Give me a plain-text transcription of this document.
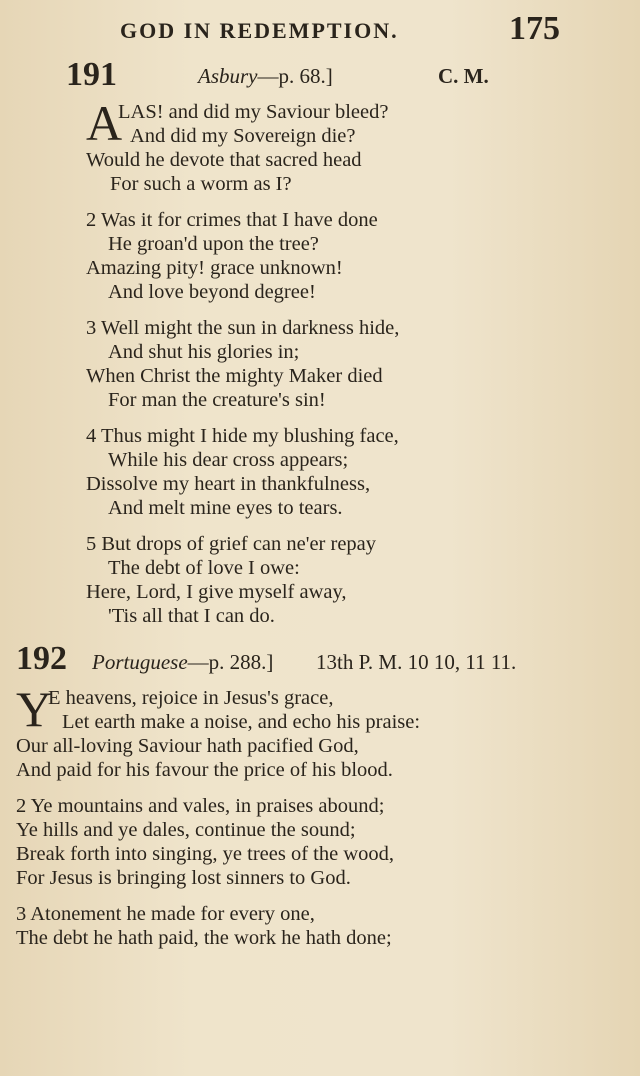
GOD IN REDEMPTION.	175
191	Asbury—p. 68.]	C. M.
A
LAS! and did my Saviour bleed?
And did my Sovereign die?
Would he devote that sacred head
For such a worm as I?
2 Was it for crimes that I have done
He groan'd upon the tree?
Amazing pity! grace unknown!
And love beyond degree!
3 Well might the sun in darkness hide,
And shut his glories in;
When Christ the mighty Maker died
For man the creature's sin!
4 Thus might I hide my blushing face,
While his dear cross appears;
Dissolve my heart in thankfulness,
And melt mine eyes to tears.
5 But drops of grief can ne'er repay
The debt of love I owe:
Here, Lord, I give myself away,
'Tis all that I can do.
192 Portuguese—p. 288.] 13th P. M. 10 10, 11 11.
Y
E heavens, rejoice in Jesus's grace,
Let earth make a noise, and echo his praise:
Our all-loving Saviour hath pacified God,
And paid for his favour the price of his blood.
2 Ye mountains and vales, in praises abound;
Ye hills and ye dales, continue the sound;
Break forth into singing, ye trees of the wood,
For Jesus is bringing lost sinners to God.
3 Atonement he made for every one,
The debt he hath paid, the work he hath done;
